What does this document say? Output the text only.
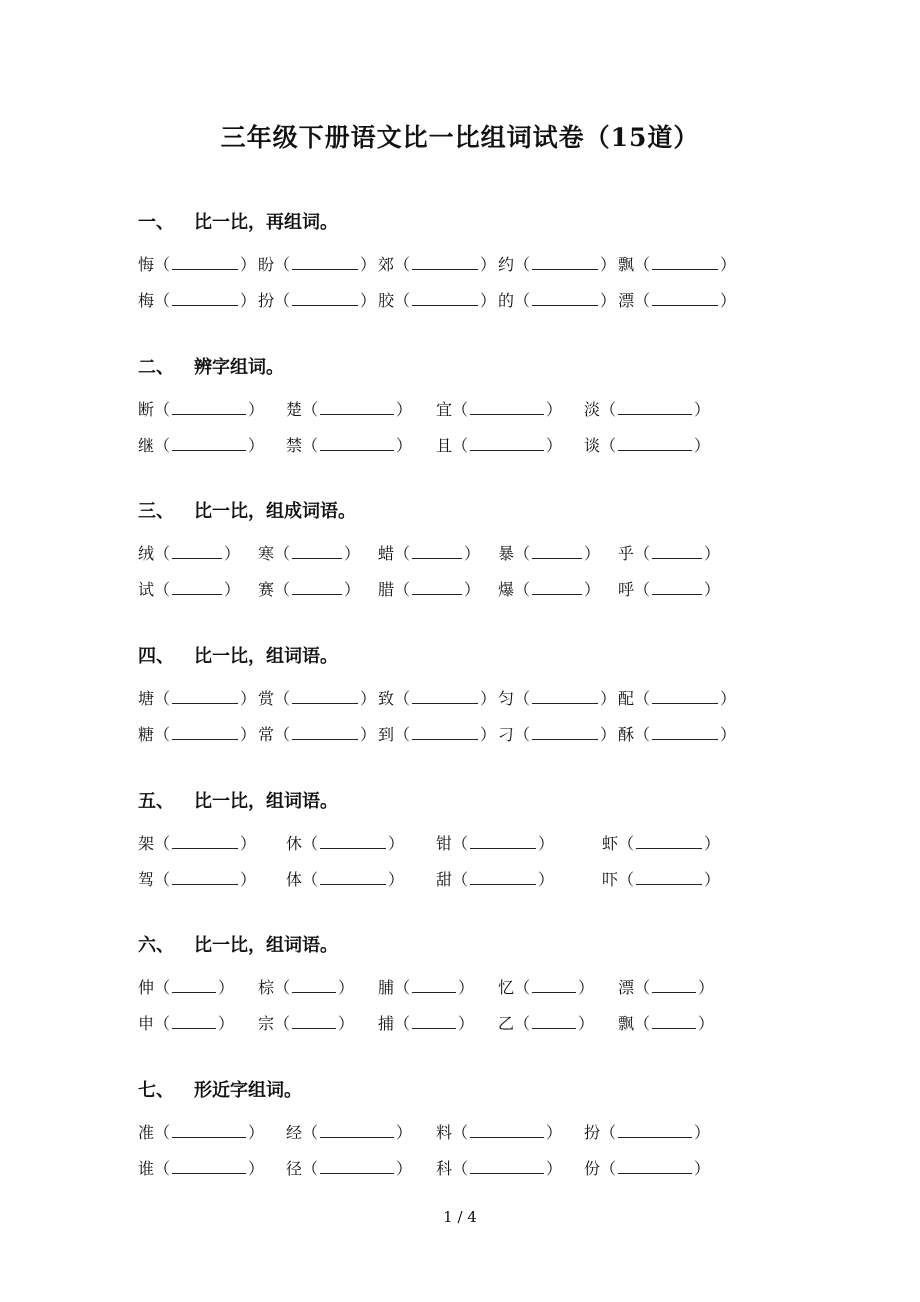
三年级下册语文比一比组词试卷（15道）
一、 比一比，再组词。
悔（	） 盼（	） 郊（	） 约（	） 飘（	）
梅（	） 扮（	） 胶（	） 的（	） 漂（	）
二、 辨字组词。
断（	） 楚（	） 宜（	） 淡（	）
继（	） 禁（	） 且（	） 谈（	）
三、 比一比，组成词语。
绒（	） 寒（	） 蜡（	） 暴（	） 乎（	）
试（	） 赛（	） 腊（	） 爆（	） 呼（	）
四、 比一比，组词语。
塘（	） 赏（	） 致（	） 匀（	） 配（	）
糖（	） 常（	） 到（	） 刁（	） 酥（	）
五、 比一比，组词语。
架（	） 休（	） 钳（	）	虾（	）
驾（	） 体（	） 甜（	）	吓（	）
六、 比一比，组词语。
伸（	） 棕（	） 脯（	） 忆（	） 漂（	）
申（	） 宗（	） 捕（	） 乙（	） 飘（	）
七、 形近字组词。
准（	） 经（	） 料（	） 扮（	）
谁（	） 径（	） 科（	） 份（	）
1 / 4
